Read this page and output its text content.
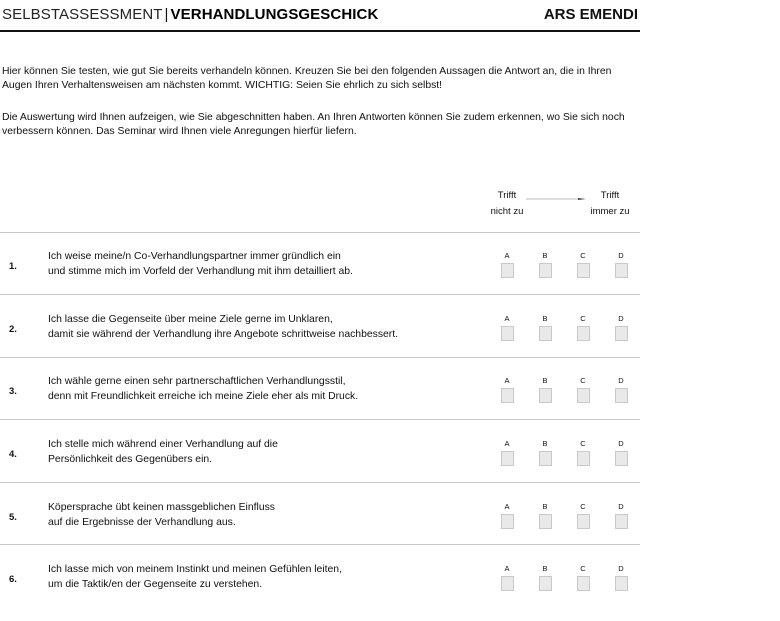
SELBSTASSESSMENT | VERHANDLUNGSGESCHICK	ARS EMENDI

Hier können Sie testen, wie gut Sie bereits verhandeln können. Kreuzen Sie bei den folgenden Aussagen die Antwort an, die in Ihren Augen Ihren Verhaltensweisen am nächsten kommt. WICHTIG: Seien Sie ehrlich zu sich selbst!

Die Auswertung wird Ihnen aufzeigen, wie Sie abgeschnitten haben. An Ihren Antworten können Sie zudem erkennen, wo Sie sich noch verbessern können. Das Seminar wird Ihnen viele Anregungen hierfür liefern.

Trifft
nicht zu
Trifft
immer zu
1.
Ich weise meine/n Co-Verhandlungspartner immer gründlich ein
und stimme mich im Vorfeld der Verhandlung mit ihm detailliert ab.
A	B	C	D
2.
Ich lasse die Gegenseite über meine Ziele gerne im Unklaren,
damit sie während der Verhandlung ihre Angebote schrittweise nachbessert.
A	B	C	D
3.
Ich wähle gerne einen sehr partnerschaftlichen Verhandlungsstil,
denn mit Freundlichkeit erreiche ich meine Ziele eher als mit Druck.
A	B	C	D
4.
Ich stelle mich während einer Verhandlung auf die
Persönlichkeit des Gegenübers ein.
A	B	C	D
5.
Köpersprache übt keinen massgeblichen Einfluss
auf die Ergebnisse der Verhandlung aus.
A	B	C	D
6.
Ich lasse mich von meinem Instinkt und meinen Gefühlen leiten,
um die Taktik/en der Gegenseite zu verstehen.
A	B	C	D
